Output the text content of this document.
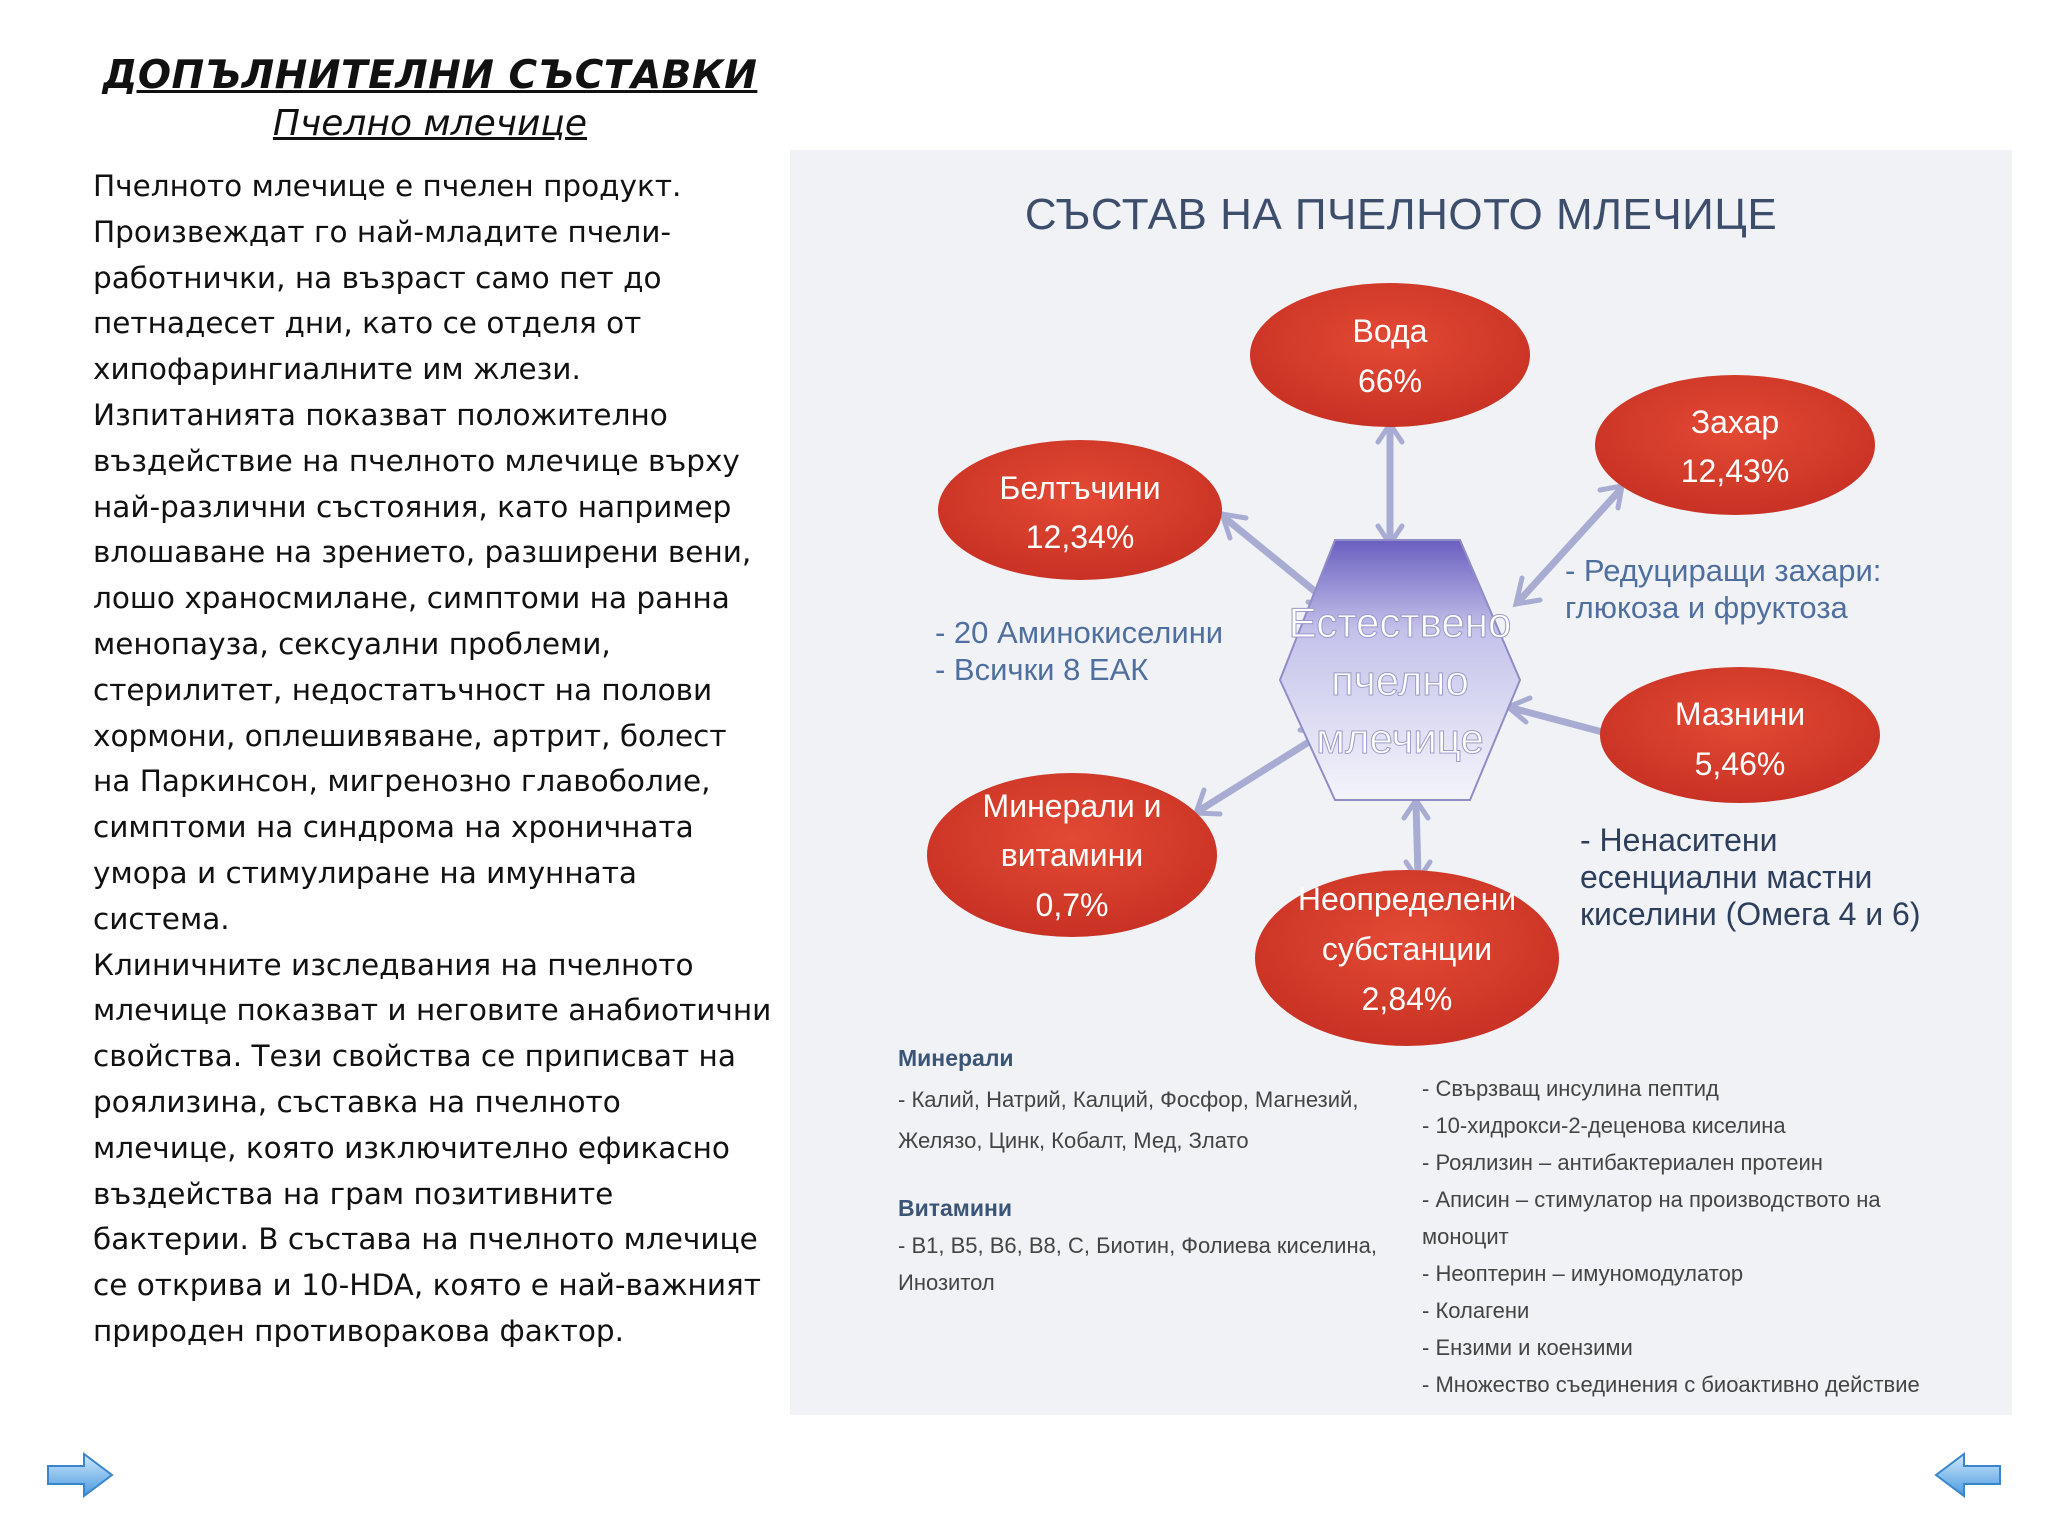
ДОПЪЛНИТЕЛНИ СЪСТАВКИ
Пчелно млечице

Пчелното млечице е пчелен продукт. Произвеждат го най-младите пчели-работнички, на възраст само пет до петнадесет дни, като се отделя от хипофарингиалните им жлези.

Изпитанията показват положително въздействие на пчелното млечице върху най-различни състояния, като например влошаване на зрението, разширени вени, лошо храносмилане, симптоми на ранна менопауза, сексуални проблеми, стерилитет, недостатъчност на полови хормони, оплешивяване, артрит, болест на Паркинсон, мигренозно главоболие, симптоми на синдрома на хроничната умора и стимулиране на имунната система.

Клиничните изследвания на пчелното млечице показват и неговите анабиотични свойства. Тези свойства се приписват на роялизина, съставка на пчелното млечице, която изключително ефикасно въздейства на грам позитивните бактерии. В състава на пчелното млечице се открива и 10-HDA, която е най-важният природен противоракова фактор.

СЪСТАВ НА ПЧЕЛНОТО МЛЕЧИЦЕ
Естествено
пчелно
млечице
Вода
66%
Захар
12,43%
Белтъчини
12,34%
Мазнини
5,46%
Минерали и
витамини
0,7%	Неопределени
субстанции
2,84%
- Редуциращи захари:
глюкоза и фруктоза
- 20 Аминокиселини
- Всички 8 ЕАК
- Ненаситени
есенциални мастни
киселини (Омега 4 и 6)
Минерали
- Калий, Натрий, Калций, Фосфор, Магнезий,
Желязо, Цинк, Кобалт, Мед, Злато
Витамини
- B1, B5, B6, B8, C, Биотин, Фолиева киселина,
Инозитол
- Свързващ инсулина пептид
- 10-хидрокси-2-деценова киселина
- Роялизин – антибактериален протеин
- Аписин – стимулатор на производството на
моноцит
- Неоптерин – имуномодулатор
- Колагени
- Ензими и коензими
- Множество съединения с биоактивно действие
